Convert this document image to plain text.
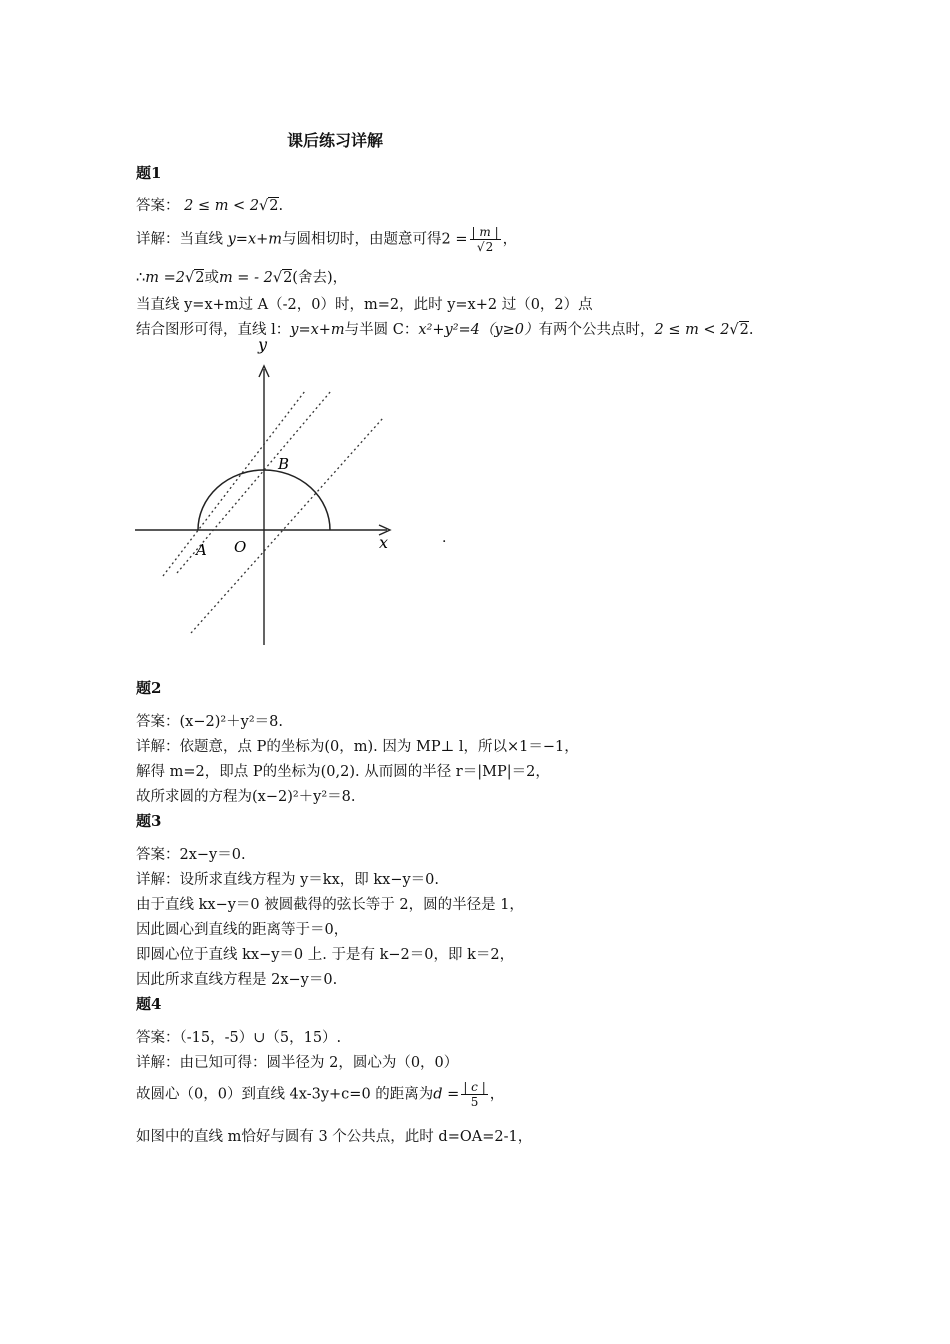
课后练习详解
题1
答案： 2 ≤ m < 2√2.
详解：当直线 y=x+m与圆相切时，由题意可得$2 = \frac{| m |}{√2}$ ，
∴m =2√2或m = - 2√2(舍去)，
当直线 y=x+m过 A（-2，0）时，m=2，此时 y=x+2 过（0，2）点
结合图形可得，直线 l：y=x+m与半圆 C：x²+y²=4（y≥0）有两个公共点时，2 ≤ m < 2√2.
y
x
A O
B
·
题2
答案：(x−2)²＋y²＝8.
详解：依题意，点 P的坐标为(0，m). 因为 MP⊥ l，所以×1＝−1，
解得 m=2，即点 P的坐标为(0,2). 从而圆的半径 r＝|MP|＝2，
故所求圆的方程为(x−2)²＋y²＝8.
题3
答案：2x−y＝0.
详解：设所求直线方程为 y＝kx，即 kx−y＝0.
由于直线 kx−y＝0 被圆截得的弦长等于 2，圆的半径是 1，
因此圆心到直线的距离等于＝0，
即圆心位于直线 kx−y＝0 上. 于是有 k−2＝0，即 k＝2，
因此所求直线方程是 2x−y＝0.
题4
答案：（-15，-5）∪（5，15）.
详解：由已知可得：圆半径为 2，圆心为（0，0）
故圆心（0，0）到直线 4x-3y+c=0 的距离为$d = \frac{| c |}{5}$ ，
如图中的直线 m恰好与圆有 3 个公共点，此时 d=OA=2-1，
